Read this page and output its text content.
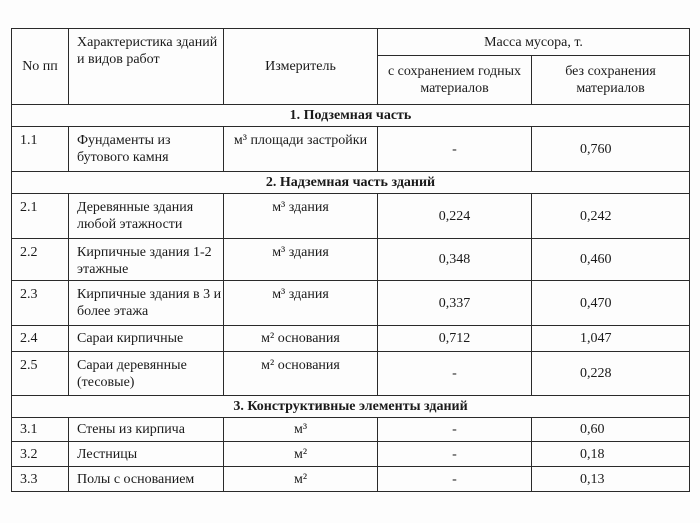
No пп	Характеристика зданий и видов работ	Измеритель	Масса мусора, т.	
			с сохранением годных материалов	без сохранения материалов
1. Подземная часть				
1.1	Фундаменты из бутового камня	м³ площади застройки	-	0,760
2. Надземная часть зданий				
2.1	Деревянные здания любой этажности	м³ здания	0,224	0,242
2.2	Кирпичные здания 1-2 этажные	м³ здания	0,348	0,460
2.3	Кирпичные здания в 3 и более этажа	м³ здания	0,337	0,470
2.4	Сараи кирпичные	м² основания	0,712	1,047
2.5	Сараи деревянные (тесовые)	м² основания	-	0,228
3. Конструктивные элементы зданий				
3.1	Стены из кирпича	м³	-	0,60
3.2	Лестницы	м²	-	0,18
3.3	Полы с основанием	м²	-	0,13
